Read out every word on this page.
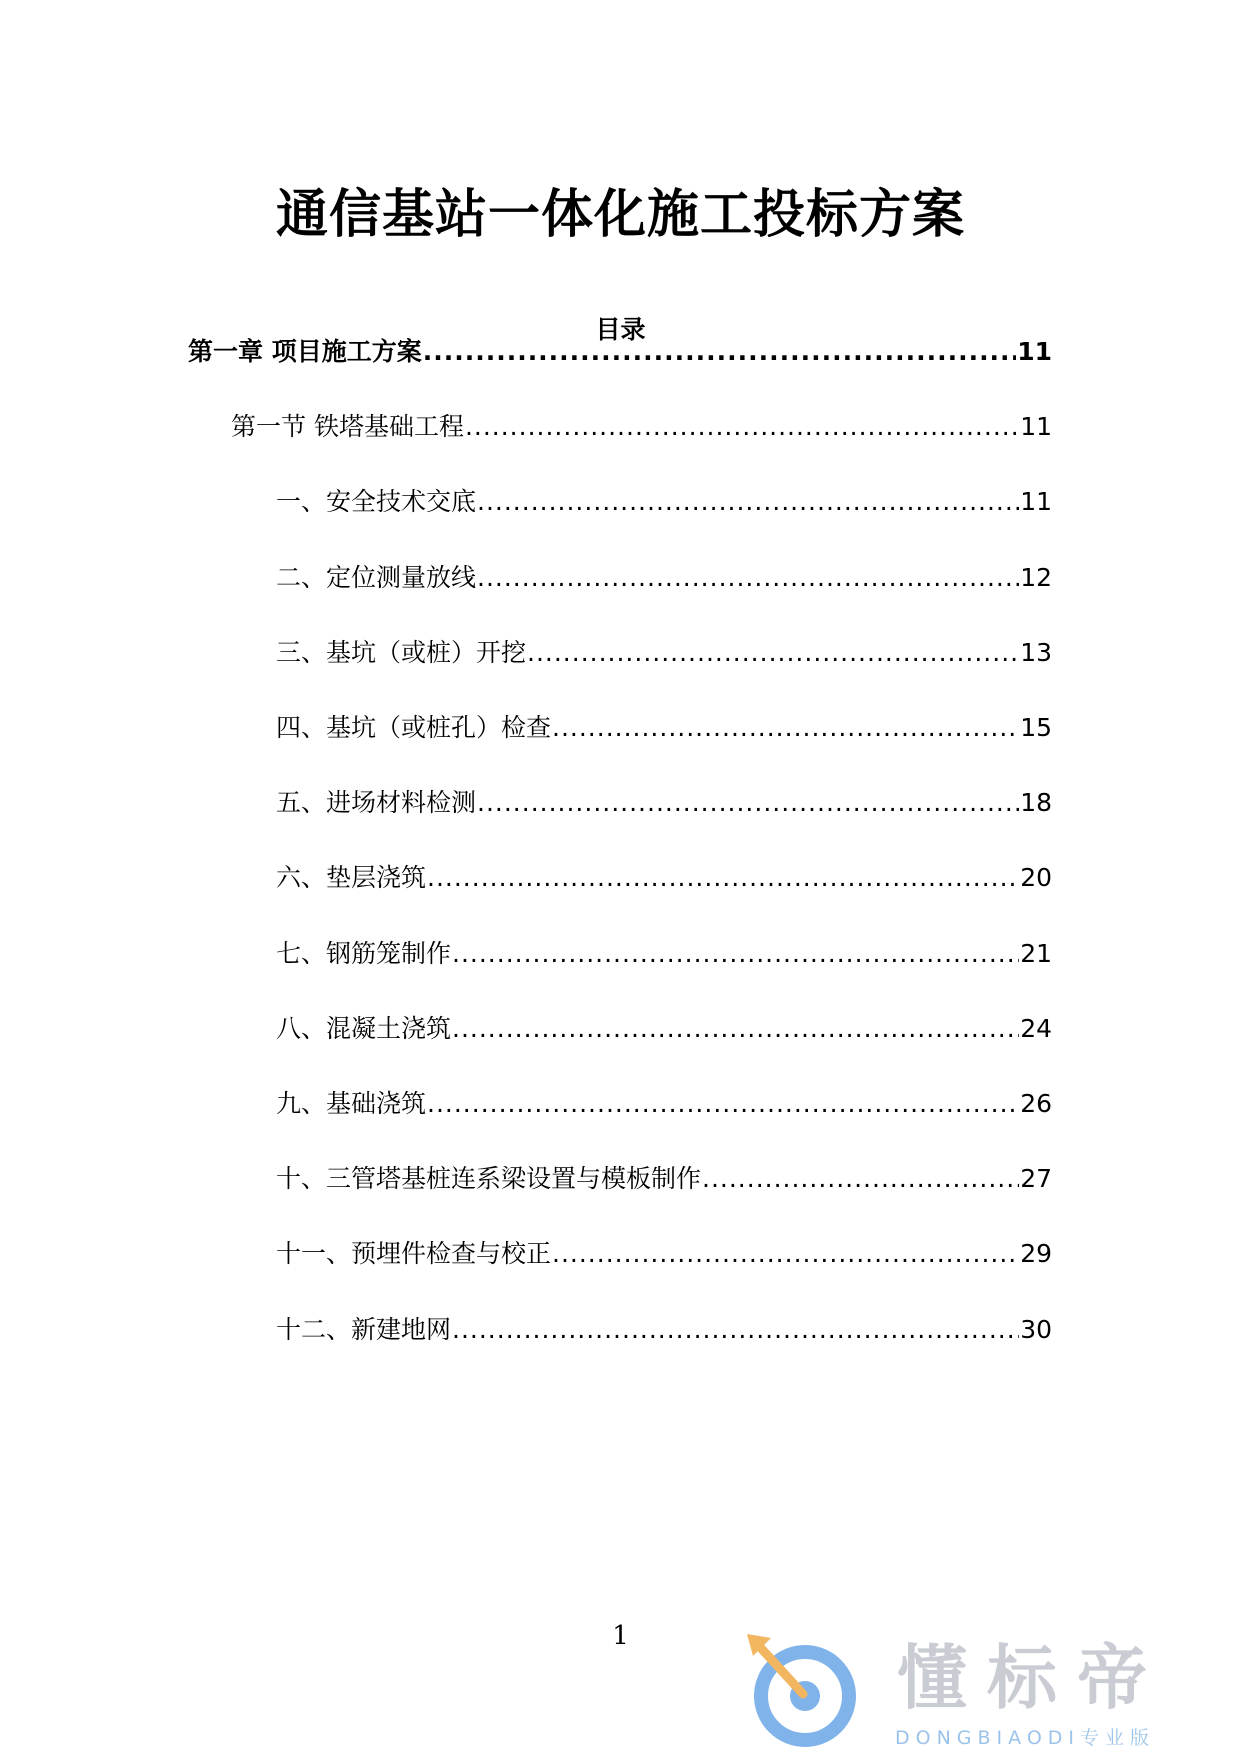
通信基站一体化施工投标方案
目录
第一章 项目施工方案 .....	11
第一节 铁塔基础工程 .....	11
一、安全技术交底 .....	11
二、定位测量放线 .....	12
三、基坑（或桩）开挖 .....	13
四、基坑（或桩孔）检查 .....	15
五、进场材料检测 .....	18
六、垫层浇筑 .....	20
七、钢筋笼制作 .....	21
八、混凝土浇筑 .....	24
九、基础浇筑 .....	26
十、三管塔基桩连系梁设置与模板制作 .....	27
十一、预埋件检查与校正 .....	29
十二、新建地网 .....	30
1
懂标帝
DONGBIAODI专业版
